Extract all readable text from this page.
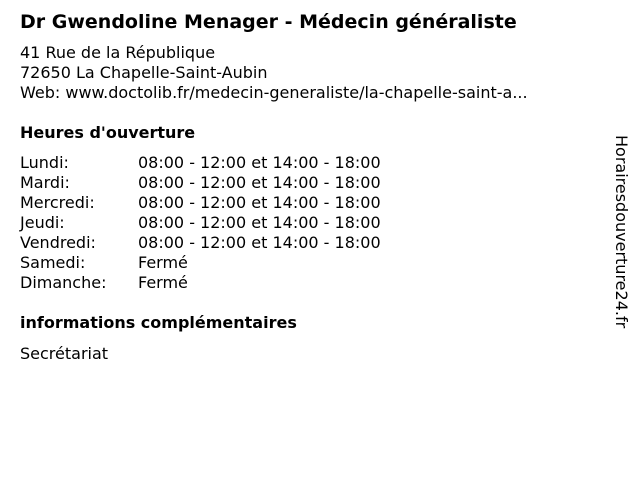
Dr Gwendoline Menager - Médecin généraliste
41 Rue de la République
72650 La Chapelle-Saint-Aubin
Web: www.doctolib.fr/medecin-generaliste/la-chapelle-saint-a...
Heures d'ouverture
Lundi:	08:00 - 12:00 et 14:00 - 18:00
Mardi:	08:00 - 12:00 et 14:00 - 18:00
Mercredi:	08:00 - 12:00 et 14:00 - 18:00
Jeudi:	08:00 - 12:00 et 14:00 - 18:00
Vendredi:	08:00 - 12:00 et 14:00 - 18:00
Samedi:	Fermé
Dimanche: Fermé
informations complémentaires
Secrétariat
Horairesdouverture24.fr
